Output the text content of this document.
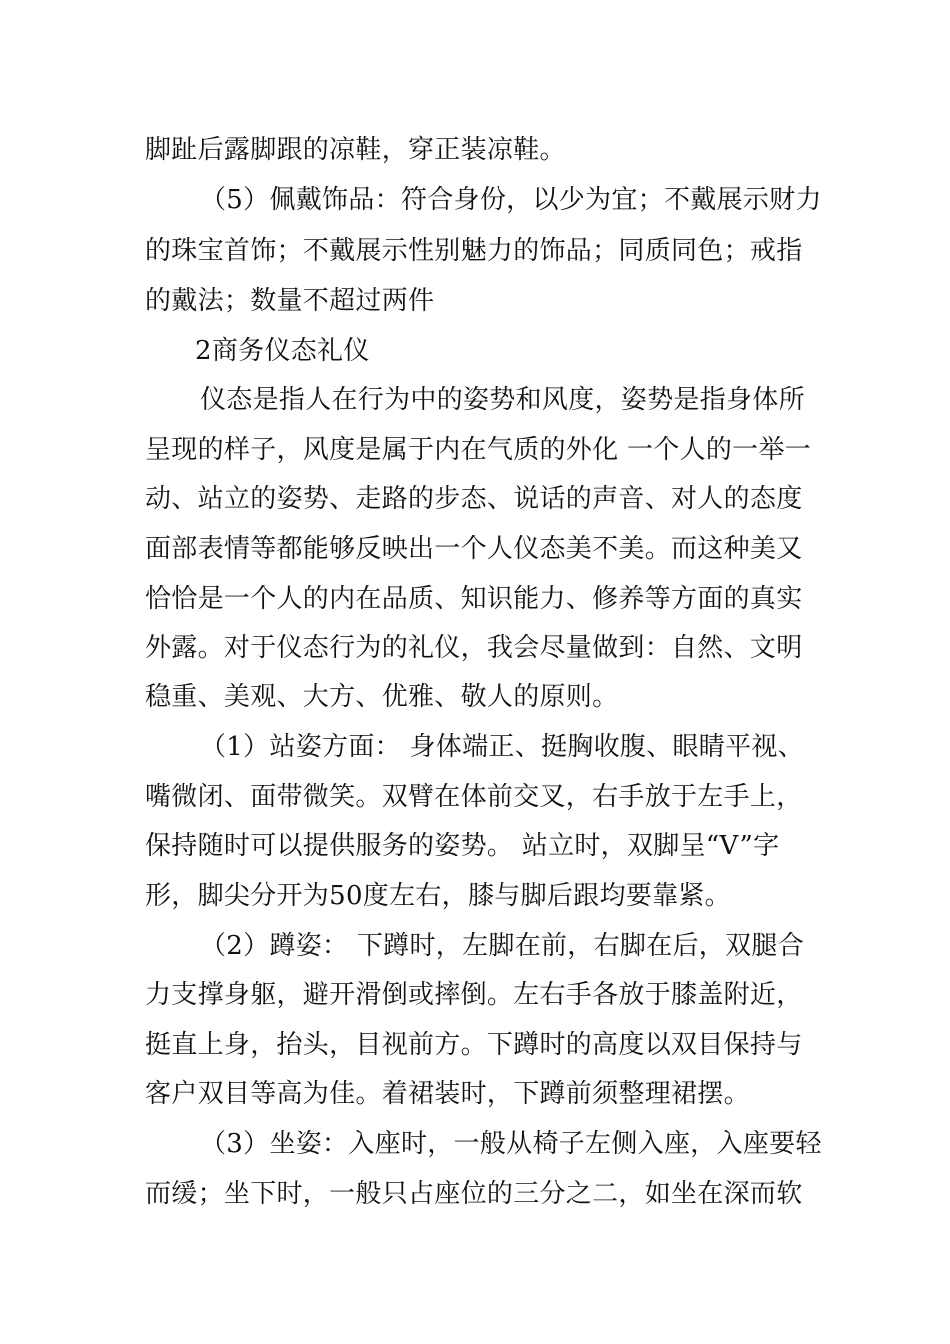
脚趾后露脚跟的凉鞋，穿正装凉鞋。
（5）佩戴饰品：符合身份，以少为宜；不戴展示财力
的珠宝首饰；不戴展示性别魅力的饰品；同质同色；戒指
的戴法；数量不超过两件
2商务仪态礼仪
仪态是指人在行为中的姿势和风度，姿势是指身体所
呈现的样子，风度是属于内在气质的外化 一个人的一举一
动、站立的姿势、走路的步态、说话的声音、对人的态度
面部表情等都能够反映出一个人仪态美不美。而这种美又
恰恰是一个人的内在品质、知识能力、修养等方面的真实
外露。对于仪态行为的礼仪，我会尽量做到：自然、文明
稳重、美观、大方、优雅、敬人的原则。
（1）站姿方面： 身体端正、挺胸收腹、眼睛平视、
嘴微闭、面带微笑。双臂在体前交叉，右手放于左手上，
保持随时可以提供服务的姿势。 站立时，双脚呈“V”字
形，脚尖分开为50度左右，膝与脚后跟均要靠紧。
（2）蹲姿： 下蹲时，左脚在前，右脚在后，双腿合
力支撑身躯，避开滑倒或摔倒。左右手各放于膝盖附近，
挺直上身，抬头，目视前方。下蹲时的高度以双目保持与
客户双目等高为佳。着裙装时，下蹲前须整理裙摆。
（3）坐姿：入座时，一般从椅子左侧入座，入座要轻
而缓；坐下时，一般只占座位的三分之二，如坐在深而软
